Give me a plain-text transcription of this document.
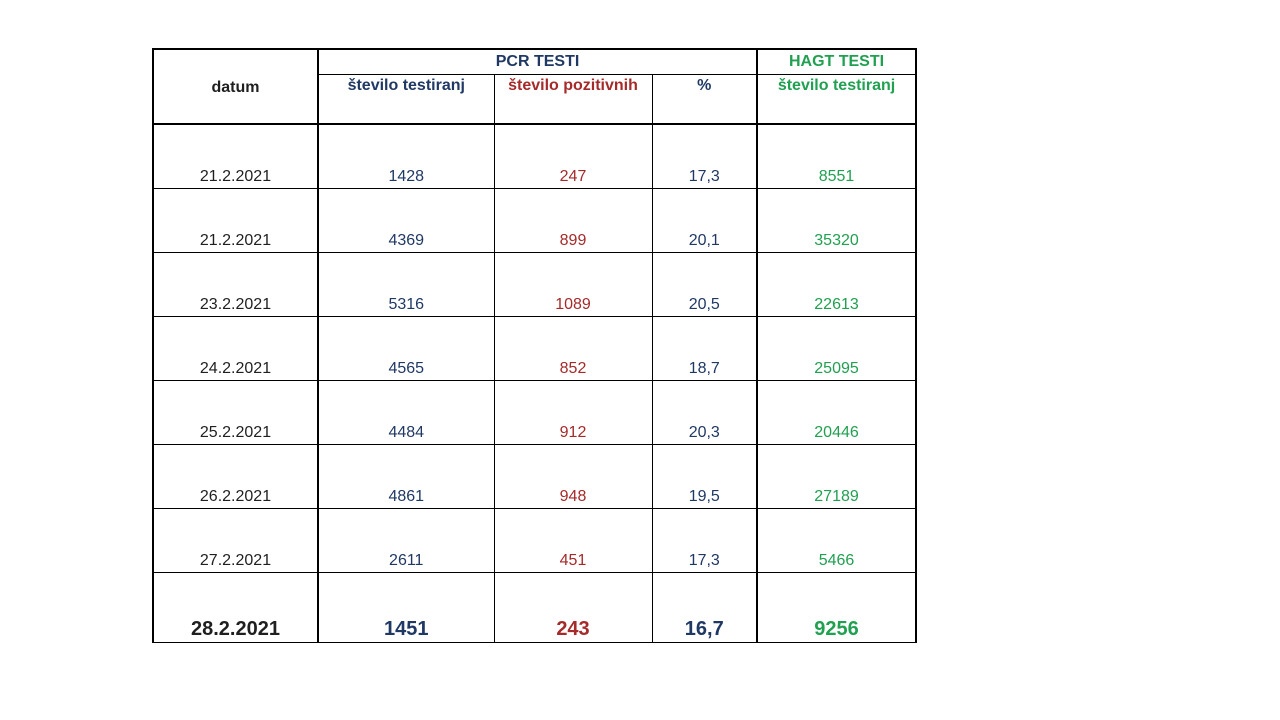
datum	PCR TESTI			HAGT TESTI
	število testiranj	število pozitivnih	%	število testiranj
21.2.2021	1428	247	17,3	8551
21.2.2021	4369	899	20,1	35320
23.2.2021	5316	1089	20,5	22613
24.2.2021	4565	852	18,7	25095
25.2.2021	4484	912	20,3	20446
26.2.2021	4861	948	19,5	27189
27.2.2021	2611	451	17,3	5466
28.2.2021	1451	243	16,7	9256
